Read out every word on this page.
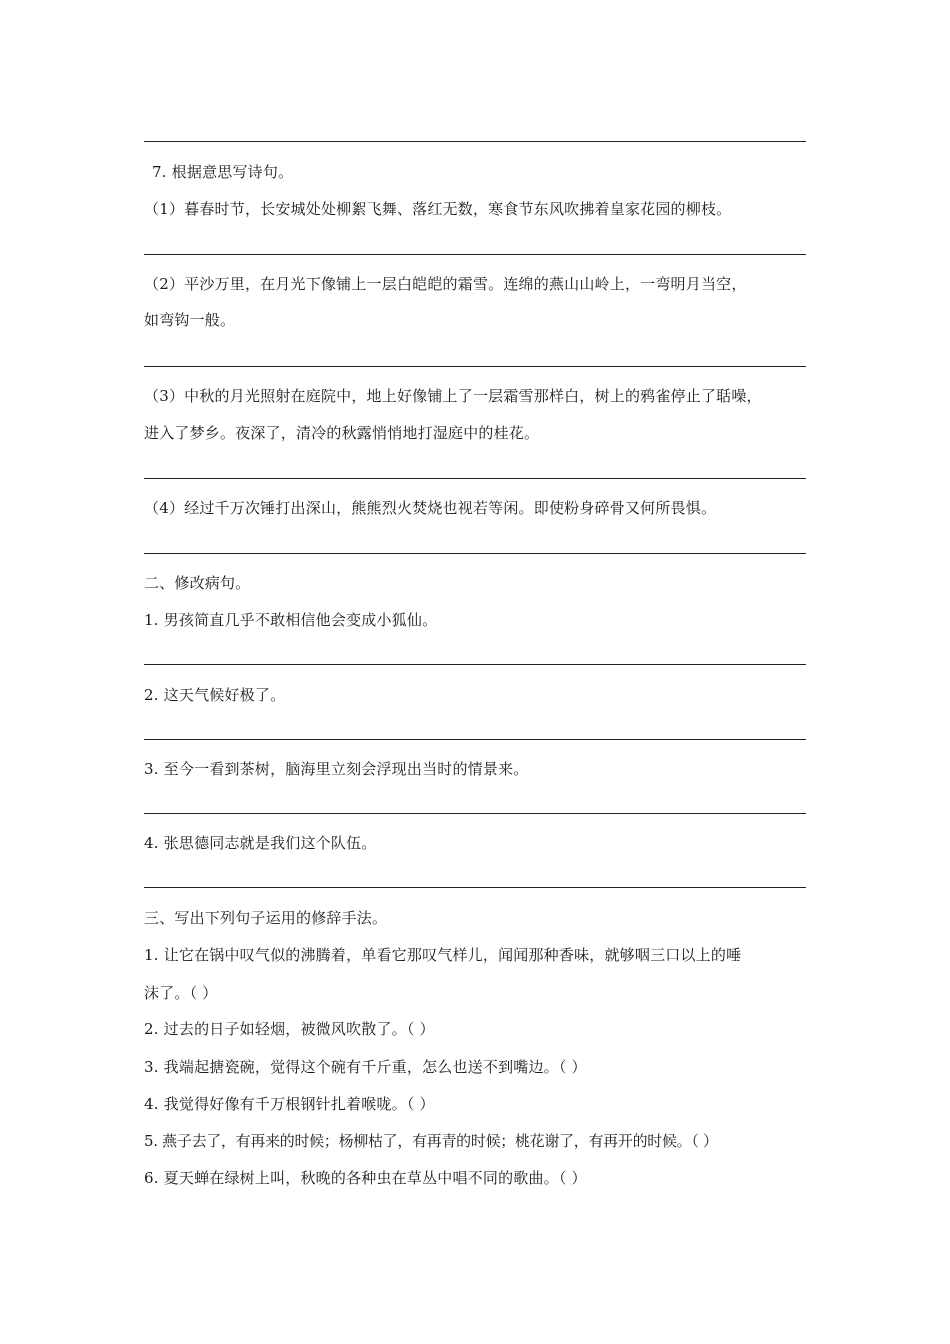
7. 根据意思写诗句。
（1）暮春时节，长安城处处柳絮飞舞、落红无数，寒食节东风吹拂着皇家花园的柳枝。
（2）平沙万里，在月光下像铺上一层白皑皑的霜雪。连绵的燕山山岭上，一弯明月当空，
如弯钩一般。
（3）中秋的月光照射在庭院中，地上好像铺上了一层霜雪那样白，树上的鸦雀停止了聒噪，
进入了梦乡。夜深了，清冷的秋露悄悄地打湿庭中的桂花。
（4）经过千万次锤打出深山，熊熊烈火焚烧也视若等闲。即使粉身碎骨又何所畏惧。
二、修改病句。
1. 男孩简直几乎不敢相信他会变成小狐仙。
2. 这天气候好极了。
3. 至今一看到茶树，脑海里立刻会浮现出当时的情景来。
4. 张思德同志就是我们这个队伍。
三、写出下列句子运用的修辞手法。
1. 让它在锅中叹气似的沸腾着，单看它那叹气样儿，闻闻那种香味，就够咽三口以上的唾
沫了。（ ）
2. 过去的日子如轻烟，被微风吹散了。（ ）
3. 我端起搪瓷碗，觉得这个碗有千斤重，怎么也送不到嘴边。（ ）
4. 我觉得好像有千万根钢针扎着喉咙。（ ）
5. 燕子去了，有再来的时候；杨柳枯了，有再青的时候；桃花谢了，有再开的时候。（ ）
6. 夏天蝉在绿树上叫，秋晚的各种虫在草丛中唱不同的歌曲。（ ）
